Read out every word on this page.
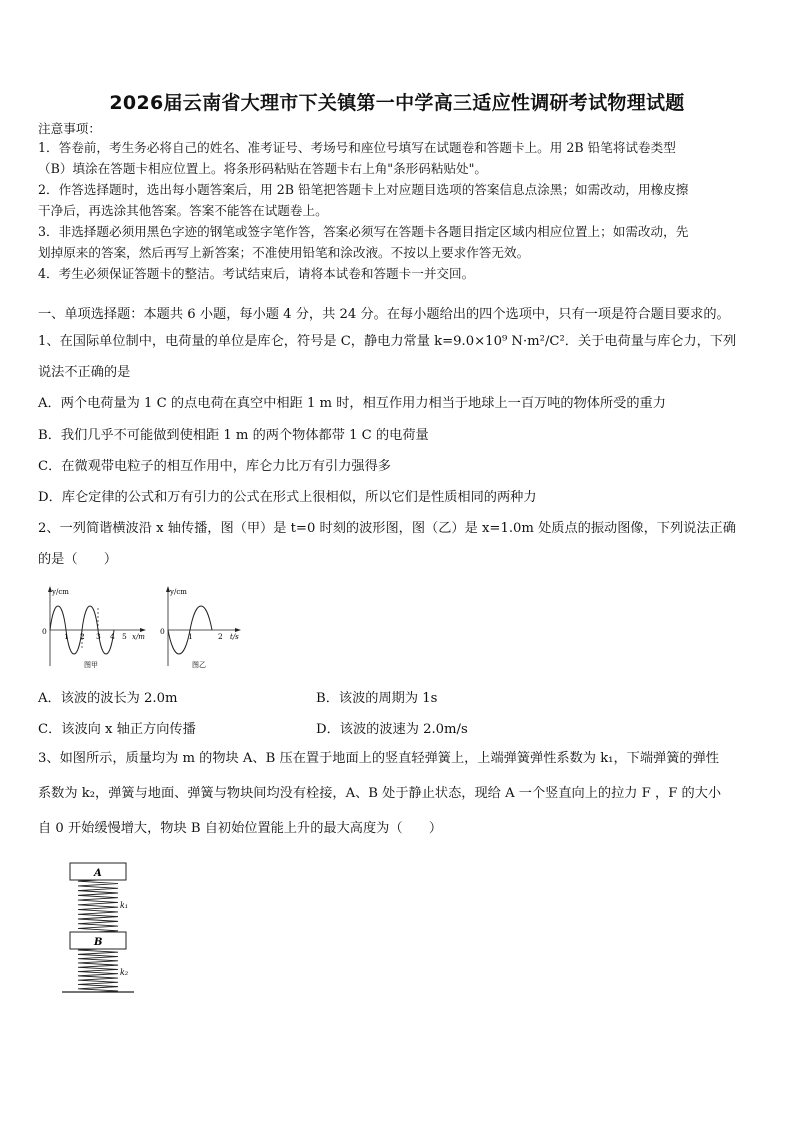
2026届云南省大理市下关镇第一中学高三适应性调研考试物理试题
注意事项：
1．答卷前，考生务必将自己的姓名、准考证号、考场号和座位号填写在试题卷和答题卡上。用 2B 铅笔将试卷类型
（B）填涂在答题卡相应位置上。将条形码粘贴在答题卡右上角"条形码粘贴处"。
2．作答选择题时，选出每小题答案后，用 2B 铅笔把答题卡上对应题目选项的答案信息点涂黑；如需改动，用橡皮擦
干净后，再选涂其他答案。答案不能答在试题卷上。
3．非选择题必须用黑色字迹的钢笔或签字笔作答，答案必须写在答题卡各题目指定区域内相应位置上；如需改动，先
划掉原来的答案，然后再写上新答案；不准使用铅笔和涂改液。不按以上要求作答无效。
4．考生必须保证答题卡的整洁。考试结束后，请将本试卷和答题卡一并交回。
一、单项选择题：本题共 6 小题，每小题 4 分，共 24 分。在每小题给出的四个选项中，只有一项是符合题目要求的。
1、在国际单位制中，电荷量的单位是库仑，符号是 C，静电力常量 k=9.0×10⁹ N·m²/C²．关于电荷量与库仑力，下列
说法不正确的是
A．两个电荷量为 1 C 的点电荷在真空中相距 1 m 时，相互作用力相当于地球上一百万吨的物体所受的重力
B．我们几乎不可能做到使相距 1 m 的两个物体都带 1 C 的电荷量
C．在微观带电粒子的相互作用中，库仑力比万有引力强得多
D．库仑定律的公式和万有引力的公式在形式上很相似，所以它们是性质相同的两种力
2、一列简谐横波沿 x 轴传播，图（甲）是 t=0 时刻的波形图，图（乙）是 x=1.0m 处质点的振动图像，下列说法正确
的是（　　）
y/cm
0
1 2 3 4 5 x/m
图甲
y/cm
0
1	2 t/s
图乙
A．该波的波长为 2.0m	B．该波的周期为 1s
C．该波向 x 轴正方向传播	D．该波的波速为 2.0m/s
3、如图所示，质量均为 m 的物块 A、B 压在置于地面上的竖直轻弹簧上，上端弹簧弹性系数为 k₁，下端弹簧的弹性
系数为 k₂，弹簧与地面、弹簧与物块间均没有栓接，A、B 处于静止状态，现给 A 一个竖直向上的拉力 F ，F 的大小
自 0 开始缓慢增大，物块 B 自初始位置能上升的最大高度为（　　）
A
k₁
B
k₂
